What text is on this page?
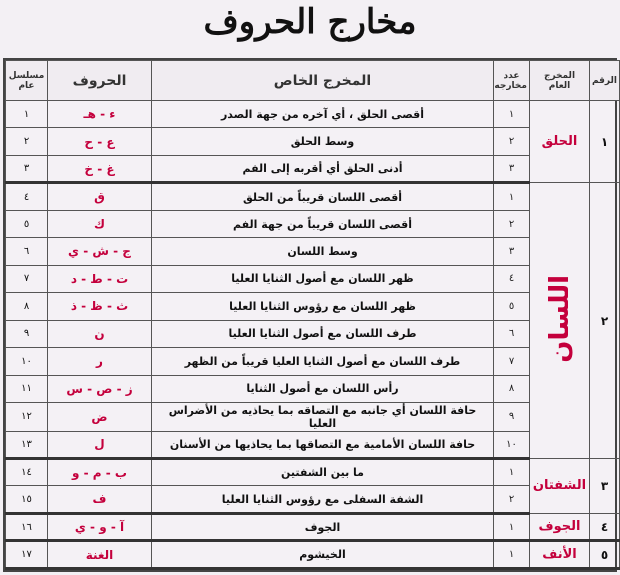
مخارج الحروف
الرقم	المخرج العام	عدد مخارجه	المخرج الخاص	الحروف	مسلسل عام
١	الحلق	١	أقصى الحلق ، أي آخره من جهة الصدر	ء - هـ	١
		٢	وسط الحلق	ع - ح	٢
		٣	أدنى الحلق أي أقربه إلى الفم	غ - خ	٣
٢	اللسان	١	أقصى اللسان قريباً من الحلق	ق	٤
		٢	أقصى اللسان قريباً من جهة الفم	ك	٥
		٣	وسط اللسان	ج - ش - ي	٦
		٤	ظهر اللسان مع أصول الثنايا العليا	ت - ط - د	٧
		٥	ظهر اللسان مع رؤوس الثنايا العليا	ث - ظ - ذ	٨
		٦	طرف اللسان مع أصول الثنايا العليا	ن	٩
		٧	طرف اللسان مع أصول الثنايا العليا قريباً من الظهر	ر	١٠
		٨	رأس اللسان مع أصول الثنايا	ز - ص - س	١١
		٩	حافة اللسان أي جانبه مع التصاقه بما يحاذيه من الأضراس العليا	ض	١٢
		١٠	حافة اللسان الأمامية مع التصاقها بما يحاذيها من الأسنان	ل	١٣
٣	الشفتان	١	ما بين الشفتين	ب - م - و	١٤
		٢	الشفة السفلى مع رؤوس الثنايا العليا	ف	١٥
٤	الجوف	١	الجوف	آ - و - ي	١٦
٥	الأنف	١	الخيشوم	الغنة	١٧
